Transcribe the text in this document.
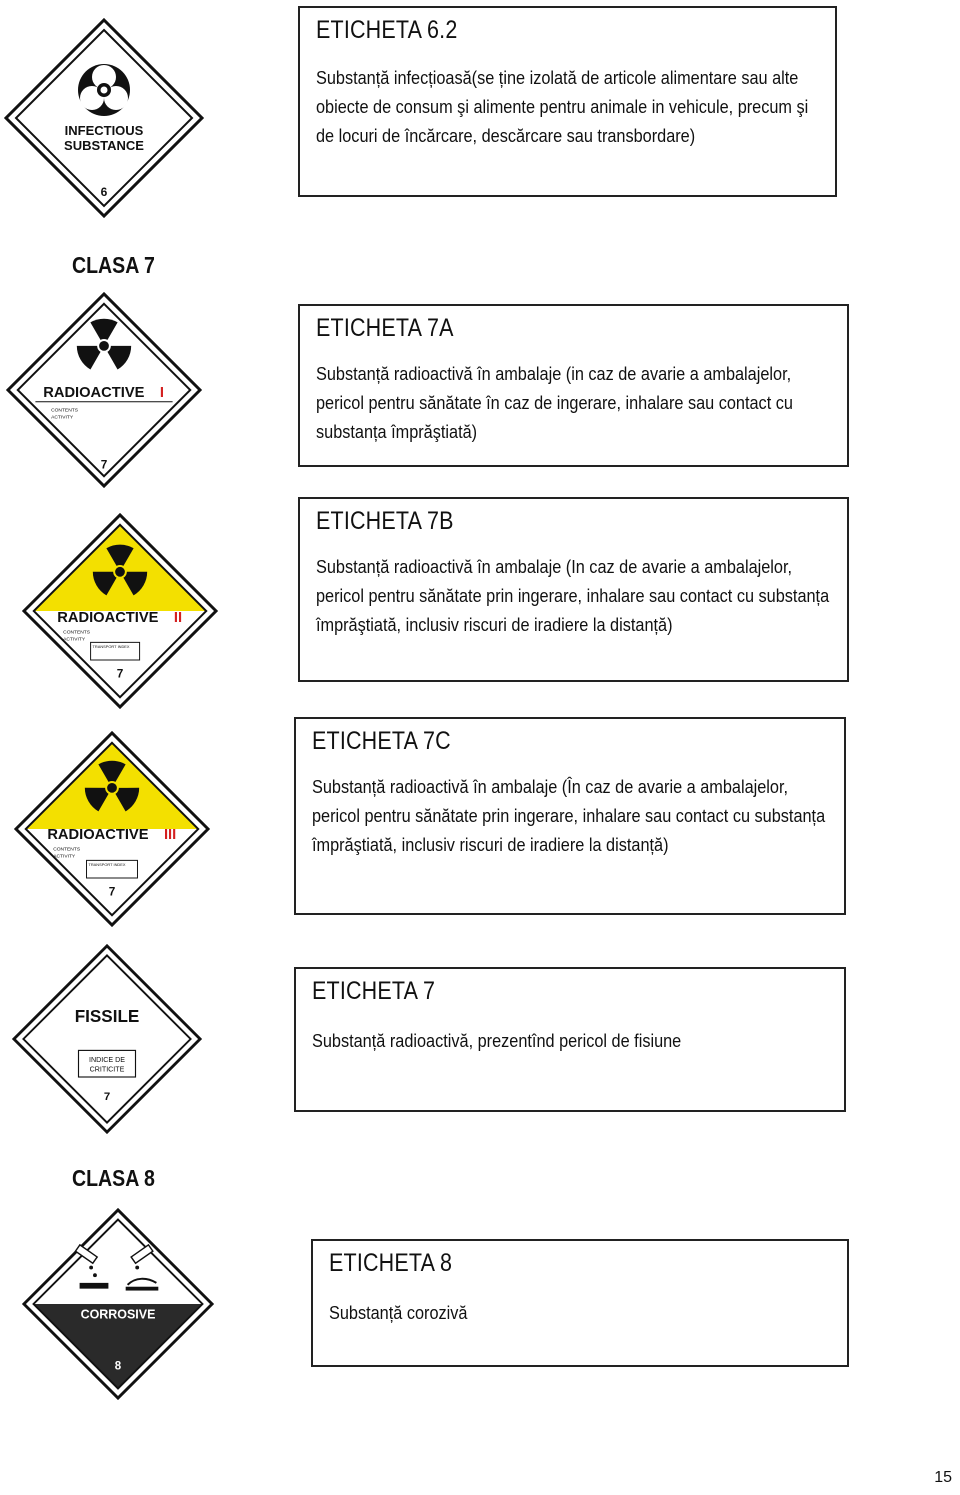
INFECTIOUS
SUBSTANCE
6
ETICHETA 6.2

Substanță infecțioasă(se ține izolată de articole alimentare sau alte obiecte de consum şi alimente pentru animale in vehicule, precum şi de locuri de încărcare, descărcare sau transbordare)

CLASA 7
RADIOACTIVE I
CONTENTS
ACTIVITY
7
ETICHETA 7A

Substanță radioactivă în ambalaje (in caz de avarie a ambalajelor, pericol pentru sănătate în caz de ingerare, inhalare sau contact cu substanța împrăştiată)

RADIOACTIVE II
CONTENTS
ACTIVITY
TRANSPORT INDEX
7
ETICHETA 7B

Substanță radioactivă în ambalaje (In caz de avarie a ambalajelor, pericol pentru sănătate prin ingerare, inhalare sau contact cu substanța împrăştiată, inclusiv riscuri de iradiere la distanță)

RADIOACTIVE III
CONTENTS
ACTIVITY
TRANSPORT INDEX
7
ETICHETA 7C

Substanță radioactivă în ambalaje (În caz de avarie a ambalajelor, pericol pentru sănătate prin ingerare, inhalare sau contact cu substanța împrăştiată, inclusiv riscuri de iradiere la distanță)

FISSILE
INDICE DE
CRITICITE
7
ETICHETA 7

Substanță radioactivă, prezentînd pericol de fisiune

CLASA 8
CORROSIVE
8
ETICHETA 8

Substanță corozivă

15
